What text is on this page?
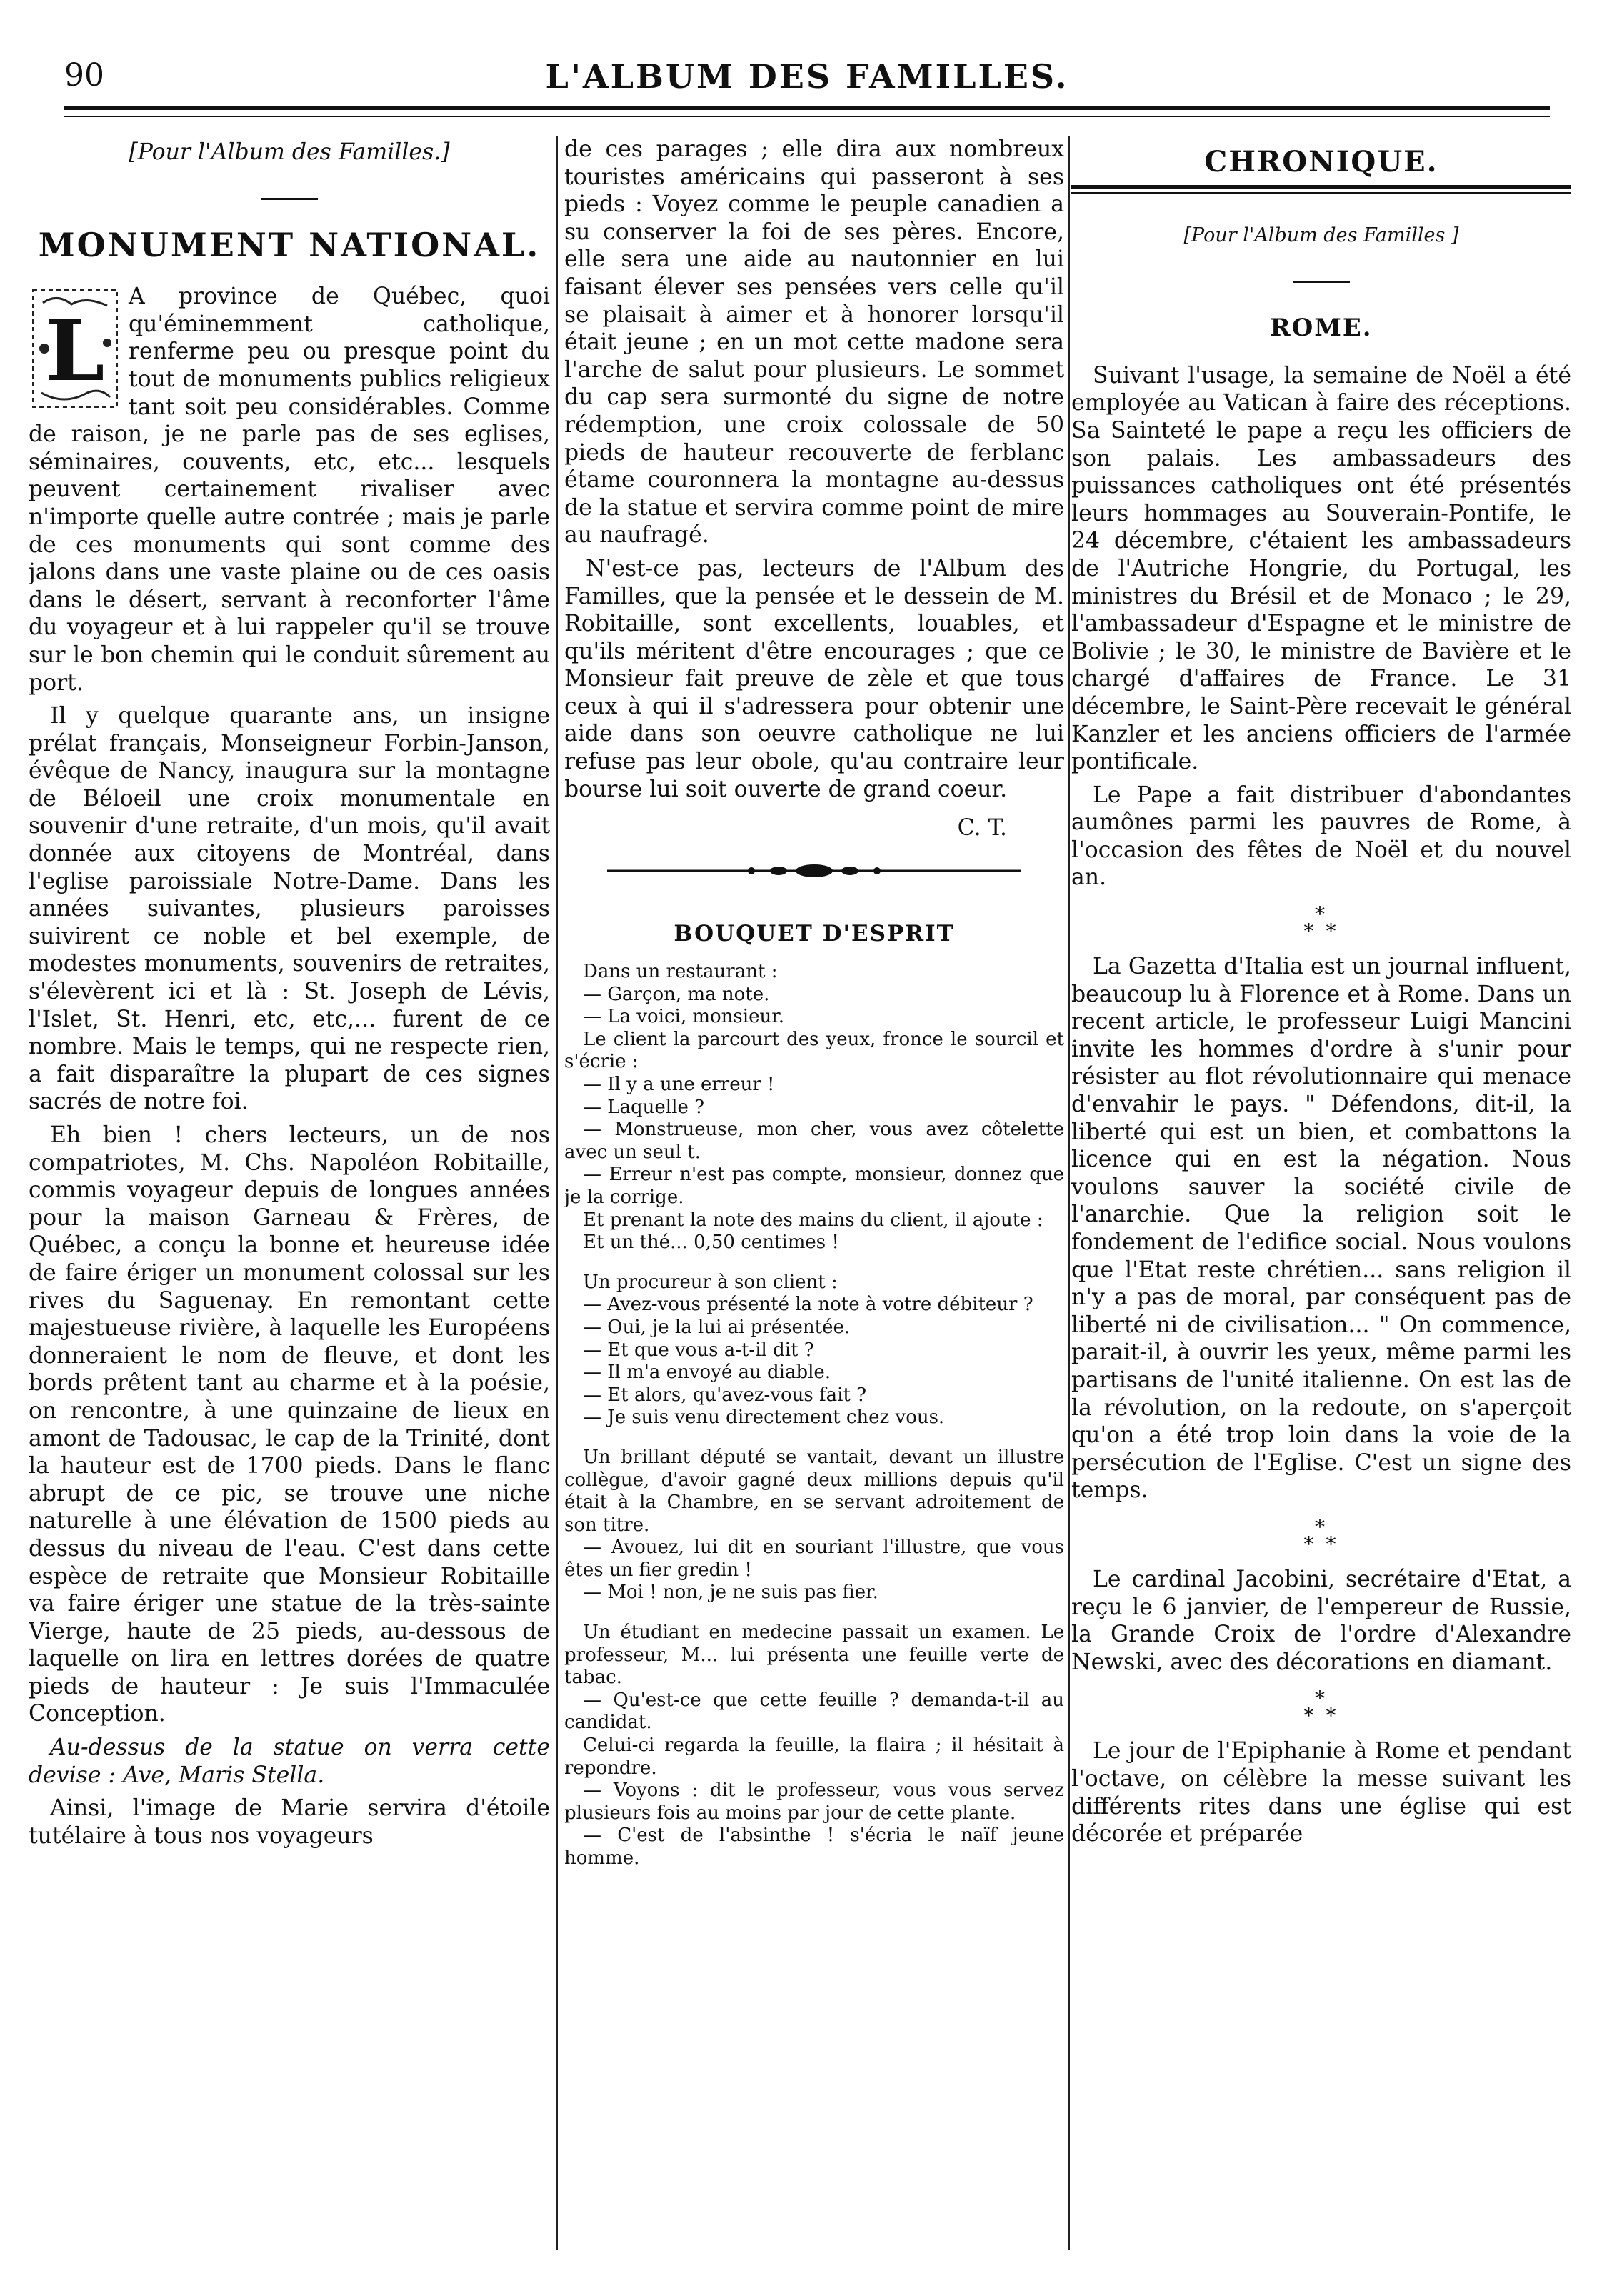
90	L'ALBUM DES FAMILLES.
[Pour l'Album des Familles.]
MONUMENT NATIONAL.
L

A province de Québec, quoi qu'éminemment catholique, renferme peu ou presque point du tout de monuments publics religieux tant soit peu considérables. Comme de raison, je ne parle pas de ses eglises, séminaires, couvents, etc, etc... lesquels peuvent certainement rivaliser avec n'importe quelle autre contrée ; mais je parle de ces monuments qui sont comme des jalons dans une vaste plaine ou de ces oasis dans le désert, servant à reconforter l'âme du voyageur et à lui rappeler qu'il se trouve sur le bon chemin qui le conduit sûrement au port.

Il y quelque quarante ans, un insigne prélat français, Monseigneur Forbin-Janson, évêque de Nancy, inaugura sur la montagne de Béloeil une croix monumentale en souvenir d'une retraite, d'un mois, qu'il avait donnée aux citoyens de Montréal, dans l'eglise paroissiale Notre-Dame. Dans les années suivantes, plusieurs paroisses suivirent ce noble et bel exemple, de modestes monuments, souvenirs de retraites, s'élevèrent ici et là : St. Joseph de Lévis, l'Islet, St. Henri, etc, etc,... furent de ce nombre. Mais le temps, qui ne respecte rien, a fait disparaître la plupart de ces signes sacrés de notre foi.

Eh bien ! chers lecteurs, un de nos compatriotes, M. Chs. Napoléon Robitaille, commis voyageur depuis de longues années pour la maison Garneau & Frères, de Québec, a conçu la bonne et heureuse idée de faire ériger un monument colossal sur les rives du Saguenay. En remontant cette majestueuse rivière, à laquelle les Européens donneraient le nom de fleuve, et dont les bords prêtent tant au charme et à la poésie, on rencontre, à une quinzaine de lieux en amont de Tadousac, le cap de la Trinité, dont la hauteur est de 1700 pieds. Dans le flanc abrupt de ce pic, se trouve une niche naturelle à une élévation de 1500 pieds au dessus du niveau de l'eau. C'est dans cette espèce de retraite que Monsieur Robitaille va faire ériger une statue de la très-sainte Vierge, haute de 25 pieds, au-dessous de laquelle on lira en lettres dorées de quatre pieds de hauteur : Je suis l'Immaculée Conception.

Au-dessus de la statue on verra cette devise : Ave, Maris Stella.

Ainsi, l'image de Marie servira d'étoile tutélaire à tous nos voyageurs

de ces parages ; elle dira aux nombreux touristes américains qui passeront à ses pieds : Voyez comme le peuple canadien a su conserver la foi de ses pères. Encore, elle sera une aide au nautonnier en lui faisant élever ses pensées vers celle qu'il se plaisait à aimer et à honorer lorsqu'il était jeune ; en un mot cette madone sera l'arche de salut pour plusieurs. Le sommet du cap sera surmonté du signe de notre rédemption, une croix colossale de 50 pieds de hauteur recouverte de ferblanc étame couronnera la montagne au-dessus de la statue et servira comme point de mire au naufragé.

N'est-ce pas, lecteurs de l'Album des Familles, que la pensée et le dessein de M. Robitaille, sont excellents, louables, et qu'ils méritent d'être encourages ; que ce Monsieur fait preuve de zèle et que tous ceux à qui il s'adressera pour obtenir une aide dans son oeuvre catholique ne lui refuse pas leur obole, qu'au contraire leur bourse lui soit ouverte de grand coeur.

C. T.
BOUQUET D'ESPRIT

Dans un restaurant :

— Garçon, ma note.

— La voici, monsieur.

Le client la parcourt des yeux, fronce le sourcil et s'écrie :

— Il y a une erreur !

— Laquelle ?

— Monstrueuse, mon cher, vous avez côtelette avec un seul t.

— Erreur n'est pas compte, monsieur, donnez que je la corrige.

Et prenant la note des mains du client, il ajoute :

Et un thé... 0,50 centimes !

Un procureur à son client :

— Avez-vous présenté la note à votre débiteur ?

— Oui, je la lui ai présentée.

— Et que vous a-t-il dit ?

— Il m'a envoyé au diable.

— Et alors, qu'avez-vous fait ?

— Je suis venu directement chez vous.

Un brillant député se vantait, devant un illustre collègue, d'avoir gagné deux millions depuis qu'il était à la Chambre, en se servant adroitement de son titre.

— Avouez, lui dit en souriant l'illustre, que vous êtes un fier gredin !

— Moi ! non, je ne suis pas fier.

Un étudiant en medecine passait un examen. Le professeur, M... lui présenta une feuille verte de tabac.

— Qu'est-ce que cette feuille ? demanda-t-il au candidat.

Celui-ci regarda la feuille, la flaira ; il hésitait à repondre.

— Voyons : dit le professeur, vous vous servez plusieurs fois au moins par jour de cette plante.

— C'est de l'absinthe ! s'écria le naïf jeune homme.

CHRONIQUE.
[Pour l'Album des Familles ]
ROME.

Suivant l'usage, la semaine de Noël a été employée au Vatican à faire des réceptions. Sa Sainteté le pape a reçu les officiers de son palais. Les ambassadeurs des puissances catholiques ont été présentés leurs hommages au Souverain-Pontife, le 24 décembre, c'étaient les ambassadeurs de l'Autriche Hongrie, du Portugal, les ministres du Brésil et de Monaco ; le 29, l'ambassadeur d'Espagne et le ministre de Bolivie ; le 30, le ministre de Bavière et le chargé d'affaires de France. Le 31 décembre, le Saint-Père recevait le général Kanzler et les anciens officiers de l'armée pontificale.

Le Pape a fait distribuer d'abondantes aumônes parmi les pauvres de Rome, à l'occasion des fêtes de Noël et du nouvel an.

*
* *

La Gazetta d'Italia est un journal influent, beaucoup lu à Florence et à Rome. Dans un recent article, le professeur Luigi Mancini invite les hommes d'ordre à s'unir pour résister au flot révolutionnaire qui menace d'envahir le pays. " Défendons, dit-il, la liberté qui est un bien, et combattons la licence qui en est la négation. Nous voulons sauver la société civile de l'anarchie. Que la religion soit le fondement de l'edifice social. Nous voulons que l'Etat reste chrétien... sans religion il n'y a pas de moral, par conséquent pas de liberté ni de civilisation... " On commence, parait-il, à ouvrir les yeux, même parmi les partisans de l'unité italienne. On est las de la révolution, on la redoute, on s'aperçoit qu'on a été trop loin dans la voie de la persécution de l'Eglise. C'est un signe des temps.

*
* *

Le cardinal Jacobini, secrétaire d'Etat, a reçu le 6 janvier, de l'empereur de Russie, la Grande Croix de l'ordre d'Alexandre Newski, avec des décorations en diamant.

*
* *

Le jour de l'Epiphanie à Rome et pendant l'octave, on célèbre la messe suivant les différents rites dans une église qui est décorée et préparée
